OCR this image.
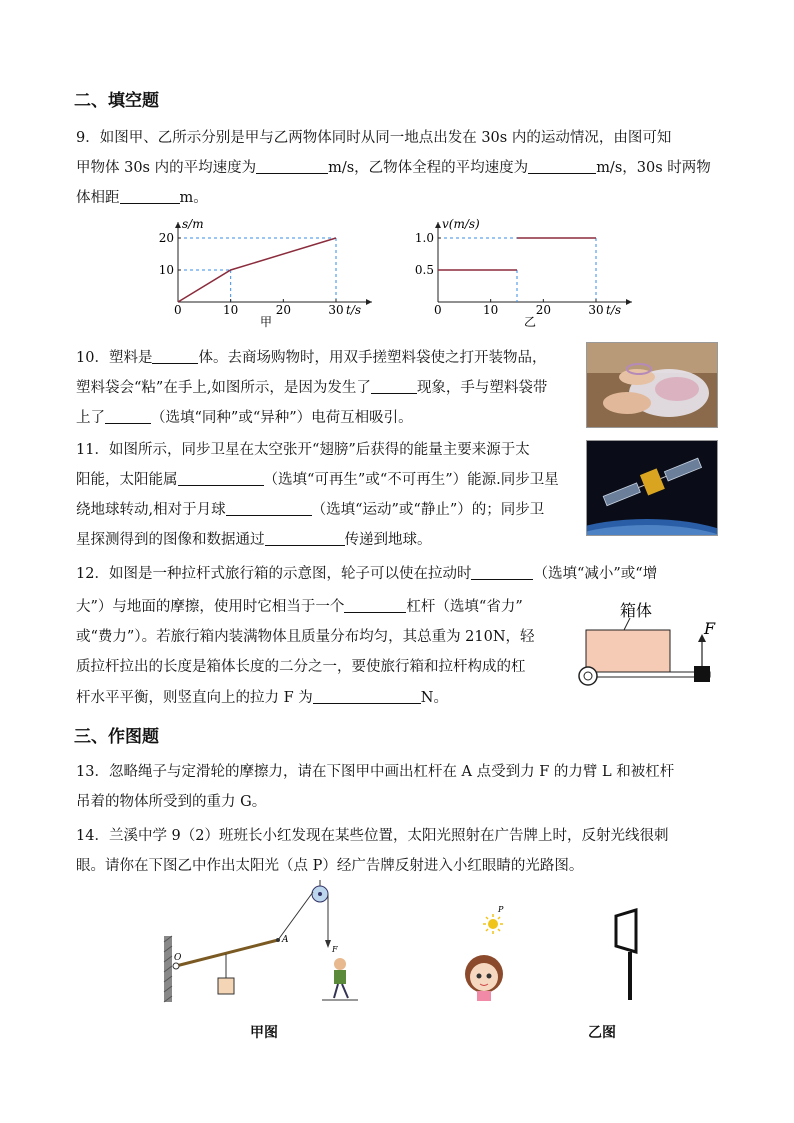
二、填空题
9．如图甲、乙所示分别是甲与乙两物体同时从同一地点出发在 30s 内的运动情况，由图可知
甲物体 30s 内的平均速度为	m/s，乙物体全程的平均速度为	m/s，30s 时两物
体相距	m。
s/m
t/s
0
10
20
10	20	30
甲
v(m/s)
t/s
0
0.5
1.0
10	20	30
乙
10．塑料是	体。去商场购物时，用双手搓塑料袋使之打开装物品，
塑料袋会“粘”在手上,如图所示，是因为发生了	现象，手与塑料袋带
上了	（选填“同种”或“异种”）电荷互相吸引。
11．如图所示，同步卫星在太空张开“翅膀”后获得的能量主要来源于太
阳能，太阳能属	（选填“可再生”或“不可再生”）能源.同步卫星
绕地球转动,相对于月球	（选填“运动”或“静止”）的；同步卫
星探测得到的图像和数据通过	传递到地球。
12．如图是一种拉杆式旅行箱的示意图，轮子可以使在拉动时	（选填“减小”或“增
大”）与地面的摩擦，使用时它相当于一个	杠杆（选填“省力”
或“费力”）。若旅行箱内装满物体且质量分布均匀，其总重为 210N，轻
质拉杆拉出的长度是箱体长度的二分之一，要使旅行箱和拉杆构成的杠
杆水平平衡，则竖直向上的拉力 F 为	N。
箱体
F
三、作图题
13．忽略绳子与定滑轮的摩擦力，请在下图甲中画出杠杆在 A 点受到力 F 的力臂 L 和被杠杆
吊着的物体所受到的重力 G。
14．兰溪中学 9（2）班班长小红发现在某些位置，太阳光照射在广告牌上时，反射光线很刺
眼。请你在下图乙中作出太阳光（点 P）经广告牌反射进入小红眼睛的光路图。
O
A
F
甲图
P
乙图
